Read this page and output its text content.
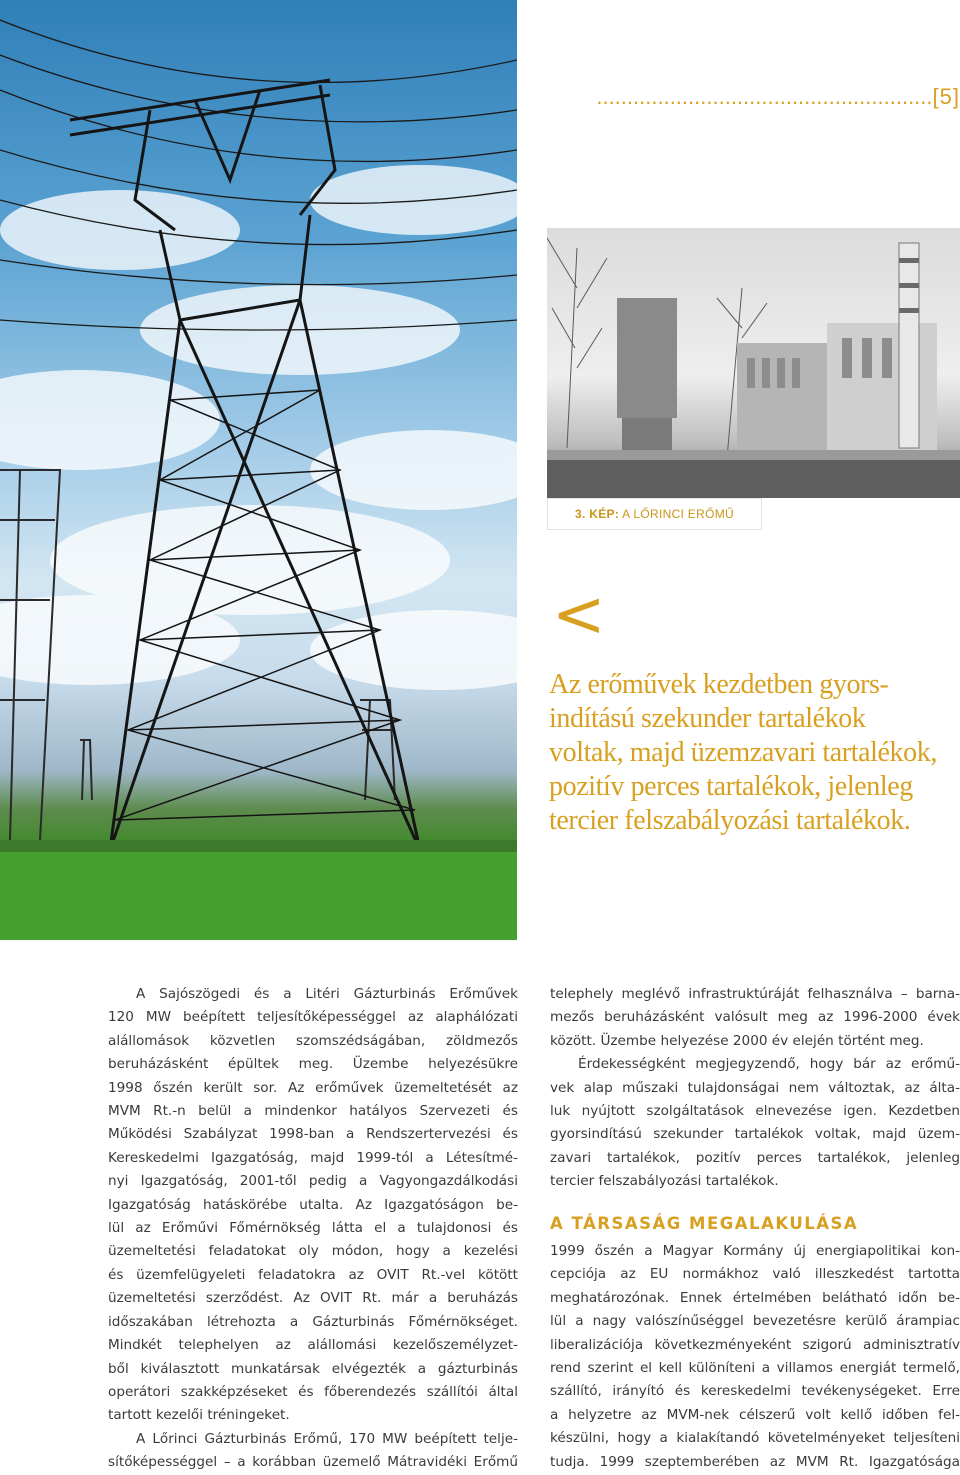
.......................................................[5]
3. KÉP: A LŐRINCI ERŐMŰ
<
Az erőművek kezdetben gyors-
indítású szekunder tartalékok
voltak, majd üzemzavari tartalékok,
pozitív perces tartalékok, jelenleg
tercier felszabályozási tartalékok.
A Sajószögedi és a Litéri Gázturbinás Erőművek
120 MW beépített teljesítőképességgel az alaphálózati
alállomások közvetlen szomszédságában, zöldmezős
beruházásként épültek meg. Üzembe helyezésükre
1998 őszén került sor. Az erőművek üzemeltetését az
MVM Rt.-n belül a mindenkor hatályos Szervezeti és
Működési Szabályzat 1998-ban a Rendszertervezési és
Kereskedelmi Igazgatóság, majd 1999-tól a Létesítmé-
nyi Igazgatóság, 2001-től pedig a Vagyongazdálkodási
Igazgatóság hatáskörébe utalta. Az Igazgatóságon be-
lül az Erőművi Főmérnökség látta el a tulajdonosi és
üzemeltetési feladatokat oly módon, hogy a kezelési
és üzemfelügyeleti feladatokra az OVIT Rt.-vel kötött
üzemeltetési szerződést. Az OVIT Rt. már a beruházás
időszakában létrehozta a Gázturbinás Főmérnökséget.
Mindkét telephelyen az alállomási kezelőszemélyzet-
ből kiválasztott munkatársak elvégezték a gázturbinás
operátori szakképzéseket és főberendezés szállítói által
tartott kezelői tréningeket.
A Lőrinci Gázturbinás Erőmű, 170 MW beépített telje-
sítőképességgel – a korábban üzemelő Mátravidéki Erőmű
telephely meglévő infrastruktúráját felhasználva – barna-
mezős beruházásként valósult meg az 1996-2000 évek
között. Üzembe helyezése 2000 év elején történt meg.
Érdekességként megjegyzendő, hogy bár az erőmű-
vek alap műszaki tulajdonságai nem változtak, az álta-
luk nyújtott szolgáltatások elnevezése igen. Kezdetben
gyorsindítású szekunder tartalékok voltak, majd üzem-
zavari tartalékok, pozitív perces tartalékok, jelenleg
tercier felszabályozási tartalékok.
A TÁRSASÁG MEGALAKULÁSA
1999 őszén a Magyar Kormány új energiapolitikai kon-
cepciója az EU normákhoz való illeszkedést tartotta
meghatározónak. Ennek értelmében belátható időn be-
lül a nagy valószínűséggel bevezetésre kerülő árampiac
liberalizációja következményeként szigorú adminisztratív
rend szerint el kell különíteni a villamos energiát termelő,
szállító, irányító és kereskedelmi tevékenységeket. Erre
a helyzetre az MVM-nek célszerű volt kellő időben fel-
készülni, hogy a kialakítandó követelményeket teljesíteni
tudja. 1999 szeptemberében az MVM Rt. Igazgatósága
